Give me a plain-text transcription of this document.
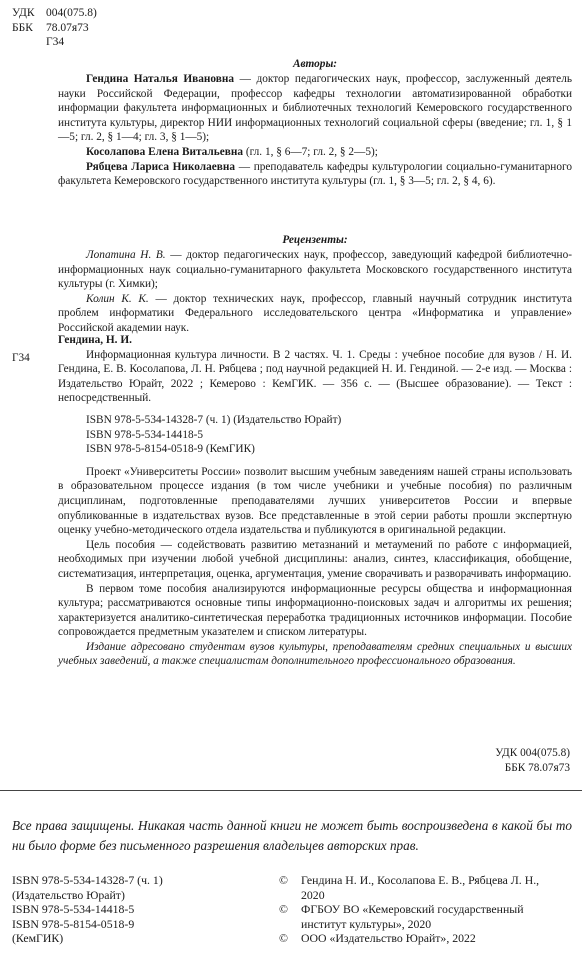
УДК	004(075.8)
ББК	78.07я73
Г34
Авторы:

Гендина Наталья Ивановна — доктор педагогических наук, профессор, заслуженный деятель науки Российской Федерации, профессор кафедры технологии автоматизированной обработки информации факультета информационных и библиотечных технологий Кемеровского государственного института культуры, директор НИИ информационных технологий социальной сферы (введение; гл. 1, § 1—5; гл. 2, § 1—4; гл. 3, § 1—5);

Косолапова Елена Витальевна (гл. 1, § 6—7; гл. 2, § 2—5);

Рябцева Лариса Николаевна — преподаватель кафедры культурологии социально-гуманитарного факультета Кемеровского государственного института культуры (гл. 1, § 3—5; гл. 2, § 4, 6).

Рецензенты:

Лопатина Н. В. — доктор педагогических наук, профессор, заведующий кафедрой библиотечно-информационных наук социально-гуманитарного факультета Московского государственного института культуры (г. Химки);

Колин К. К. — доктор технических наук, профессор, главный научный сотрудник института проблем информатики Федерального исследовательского центра «Информатика и управление» Российской академии наук.

Г34
Гендина, Н. И.

Информационная культура личности. В 2 частях. Ч. 1. Среды : учебное пособие для вузов / Н. И. Гендина, Е. В. Косолапова, Л. Н. Рябцева ; под научной редакцией Н. И. Гендиной. — 2-е изд. — Москва : Издательство Юрайт, 2022 ; Кемерово : КемГИК. — 356 с. — (Высшее образование). — Текст : непосредственный.

ISBN 978-5-534-14328-7 (ч. 1) (Издательство Юрайт)
ISBN 978-5-534-14418-5
ISBN 978-5-8154-0518-9 (КемГИК)

Проект «Университеты России» позволит высшим учебным заведениям нашей страны использовать в образовательном процессе издания (в том числе учебники и учебные пособия) по различным дисциплинам, подготовленные преподавателями лучших университетов России и впервые опубликованные в издательствах вузов. Все представленные в этой серии работы прошли экспертную оценку учебно-методического отдела издательства и публикуются в оригинальной редакции.

Цель пособия — содействовать развитию метазнаний и метаумений по работе с информацией, необходимых при изучении любой учебной дисциплины: анализ, синтез, классификация, обобщение, систематизация, интерпретация, оценка, аргументация, умение сворачивать и разворачивать информацию.

В первом томе пособия анализируются информационные ресурсы общества и информационная культура; рассматриваются основные типы информационно-поисковых задач и алгоритмы их решения; характеризуется аналитико-синтетическая переработка традиционных источников информации. Пособие сопровождается предметным указателем и списком литературы.

Издание адресовано студентам вузов культуры, преподавателям средних специальных и высших учебных заведений, а также специалистам дополнительного профессионального образования.

УДК 004(075.8)
ББК 78.07я73
Все права защищены. Никакая часть данной книги не может быть воспроизведена в какой бы то ни было форме без письменного разрешения владельцев авторских прав.
ISBN 978-5-534-14328-7 (ч. 1)
(Издательство Юрайт)
ISBN 978-5-534-14418-5
ISBN 978-5-8154-0518-9
(КемГИК)
©	Гендина Н. И., Косолапова Е. В., Рябцева Л. Н.,
2020
©	ФГБОУ ВО «Кемеровский государственный
институт культуры», 2020
©	ООО «Издательство Юрайт», 2022
